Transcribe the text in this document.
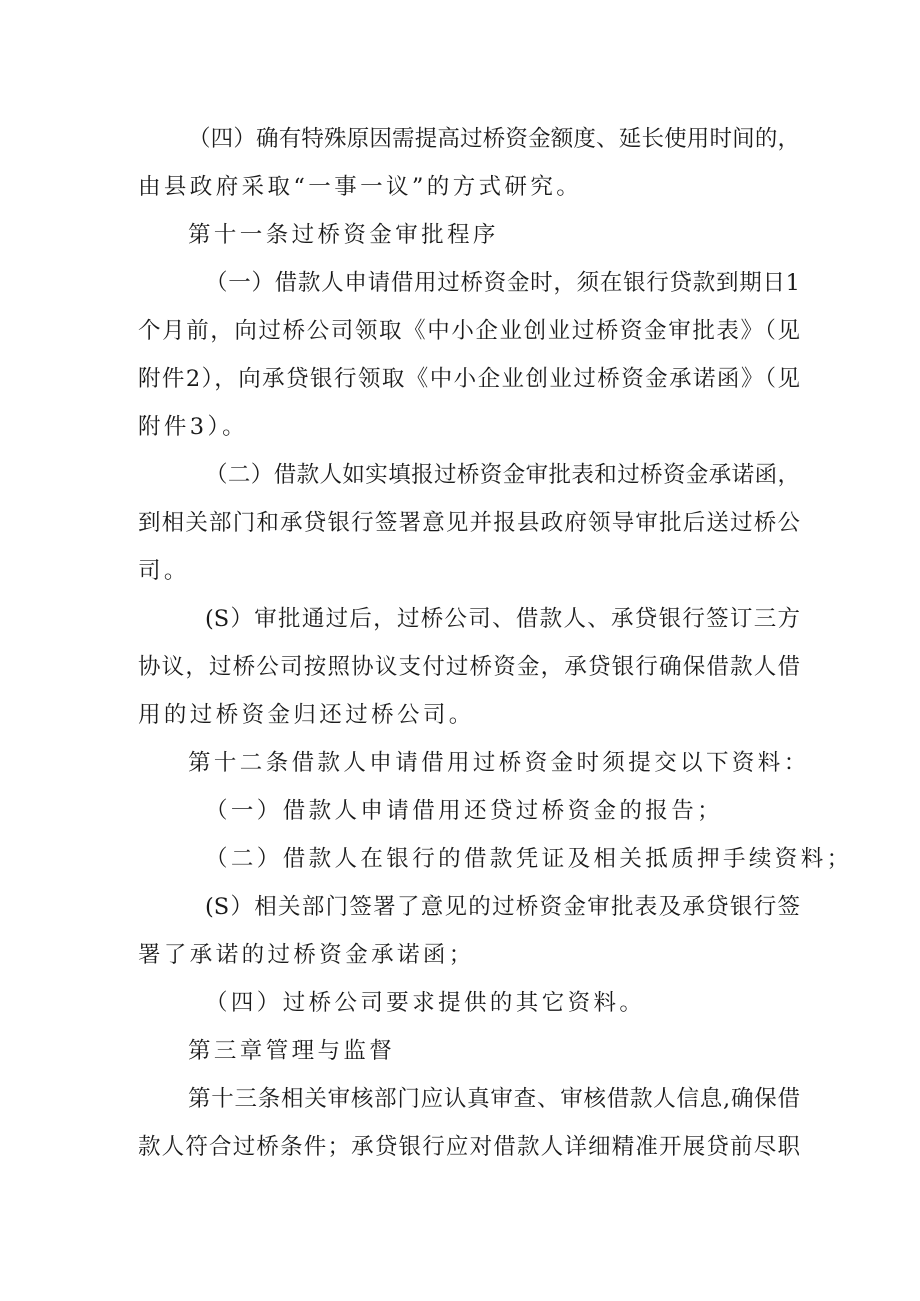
（四）确有特殊原因需提高过桥资金额度、延长使用时间的，
由县政府采取“一事一议”的方式研究。
第十一条过桥资金审批程序
（一）借款人申请借用过桥资金时，须在银行贷款到期日1
个月前，向过桥公司领取《中小企业创业过桥资金审批表》（见
附件2），向承贷银行领取《中小企业创业过桥资金承诺函》（见
附件3）。
（二）借款人如实填报过桥资金审批表和过桥资金承诺函，
到相关部门和承贷银行签署意见并报县政府领导审批后送过桥公
司。
(S）审批通过后，过桥公司、借款人、承贷银行签订三方
协议，过桥公司按照协议支付过桥资金，承贷银行确保借款人借
用的过桥资金归还过桥公司。
第十二条借款人申请借用过桥资金时须提交以下资料：
（一）借款人申请借用还贷过桥资金的报告；
（二）借款人在银行的借款凭证及相关抵质押手续资料；
(S）相关部门签署了意见的过桥资金审批表及承贷银行签
署了承诺的过桥资金承诺函；
（四）过桥公司要求提供的其它资料。
第三章管理与监督
第十三条相关审核部门应认真审查、审核借款人信息,确保借
款人符合过桥条件；承贷银行应对借款人详细精准开展贷前尽职
